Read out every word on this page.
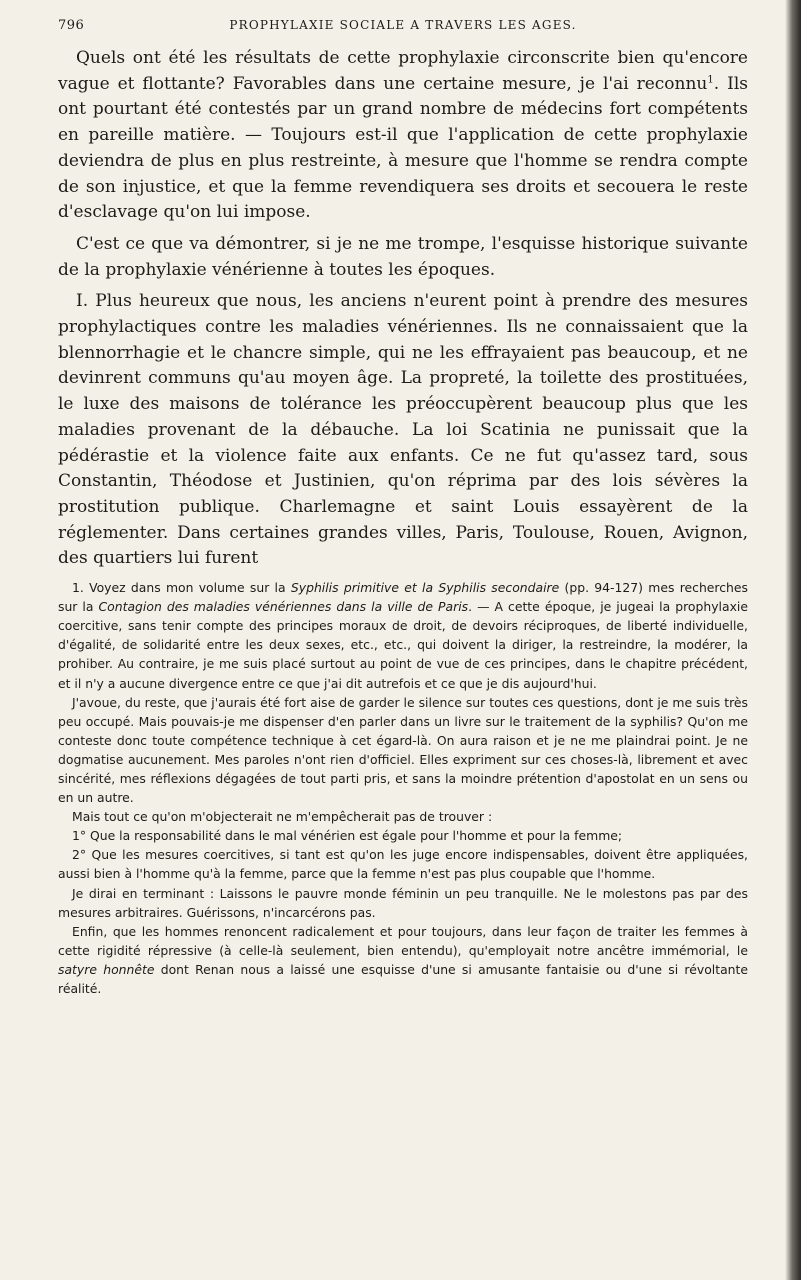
796	PROPHYLAXIE SOCIALE A TRAVERS LES AGES.

Quels ont été les résultats de cette prophylaxie circonscrite bien qu'encore vague et flottante? Favorables dans une certaine mesure, je l'ai reconnu$^1$. Ils ont pourtant été contestés par un grand nombre de médecins fort compétents en pareille matière. — Toujours est-il que l'application de cette prophylaxie deviendra de plus en plus restreinte, à mesure que l'homme se rendra compte de son injustice, et que la femme revendiquera ses droits et secouera le reste d'esclavage qu'on lui impose.

C'est ce que va démontrer, si je ne me trompe, l'esquisse historique suivante de la prophylaxie vénérienne à toutes les époques.

I. Plus heureux que nous, les anciens n'eurent point à prendre des mesures prophylactiques contre les maladies vénériennes. Ils ne connaissaient que la blennorrhagie et le chancre simple, qui ne les effrayaient pas beaucoup, et ne devinrent communs qu'au moyen âge. La propreté, la toilette des prostituées, le luxe des maisons de tolérance les préoccupèrent beaucoup plus que les maladies provenant de la débauche. La loi Scatinia ne punissait que la pédérastie et la violence faite aux enfants. Ce ne fut qu'assez tard, sous Constantin, Théodose et Justinien, qu'on réprima par des lois sévères la prostitution publique. Charlemagne et saint Louis essayèrent de la réglementer. Dans certaines grandes villes, Paris, Toulouse, Rouen, Avignon, des quartiers lui furent

1. Voyez dans mon volume sur la Syphilis primitive et la Syphilis secondaire (pp. 94-127) mes recherches sur la Contagion des maladies vénériennes dans la ville de Paris. — A cette époque, je jugeai la prophylaxie coercitive, sans tenir compte des principes moraux de droit, de devoirs réciproques, de liberté individuelle, d'égalité, de solidarité entre les deux sexes, etc., etc., qui doivent la diriger, la restreindre, la modérer, la prohiber. Au contraire, je me suis placé surtout au point de vue de ces principes, dans le chapitre précédent, et il n'y a aucune divergence entre ce que j'ai dit autrefois et ce que je dis aujourd'hui.

J'avoue, du reste, que j'aurais été fort aise de garder le silence sur toutes ces questions, dont je me suis très peu occupé. Mais pouvais-je me dispenser d'en parler dans un livre sur le traitement de la syphilis? Qu'on me conteste donc toute compétence technique à cet égard-là. On aura raison et je ne me plaindrai point. Je ne dogmatise aucunement. Mes paroles n'ont rien d'officiel. Elles expriment sur ces choses-là, librement et avec sincérité, mes réflexions dégagées de tout parti pris, et sans la moindre prétention d'apostolat en un sens ou en un autre.

Mais tout ce qu'on m'objecterait ne m'empêcherait pas de trouver :

1° Que la responsabilité dans le mal vénérien est égale pour l'homme et pour la femme;

2° Que les mesures coercitives, si tant est qu'on les juge encore indispensables, doivent être appliquées, aussi bien à l'homme qu'à la femme, parce que la femme n'est pas plus coupable que l'homme.

Je dirai en terminant : Laissons le pauvre monde féminin un peu tranquille. Ne le molestons pas par des mesures arbitraires. Guérissons, n'incarcérons pas.

Enfin, que les hommes renoncent radicalement et pour toujours, dans leur façon de traiter les femmes à cette rigidité répressive (à celle-là seulement, bien entendu), qu'employait notre ancêtre immémorial, le satyre honnête dont Renan nous a laissé une esquisse d'une si amusante fantaisie ou d'une si révoltante réalité.
